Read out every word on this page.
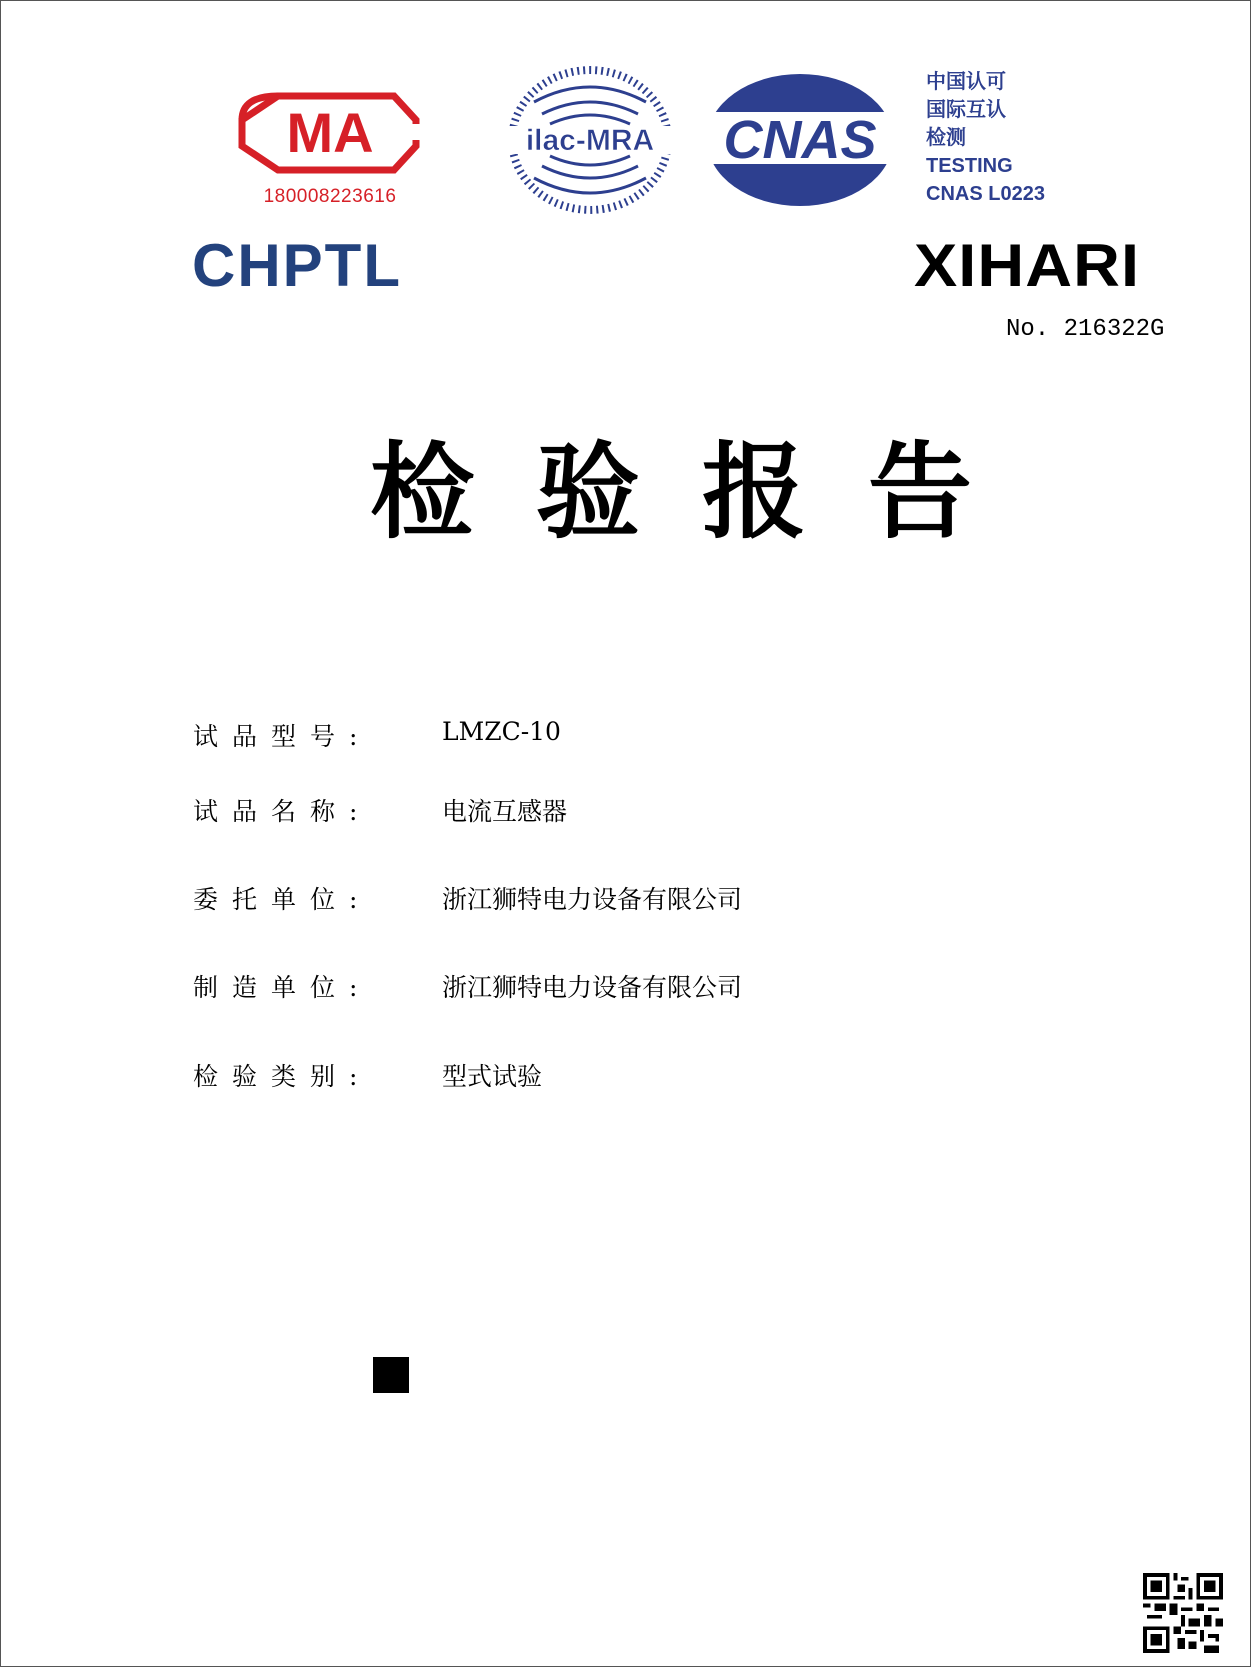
MA
180008223616
ilac-MRA CNAS
中国认可
国际互认
检测
TESTING
CNAS L0223
CHPTL	XIHARI
No. 216322G
检验报告
试品型号:	LMZC-10
试品名称:	电流互感器
委托单位:	浙江狮特电力设备有限公司
制造单位:	浙江狮特电力设备有限公司
检验类别:	型式试验
